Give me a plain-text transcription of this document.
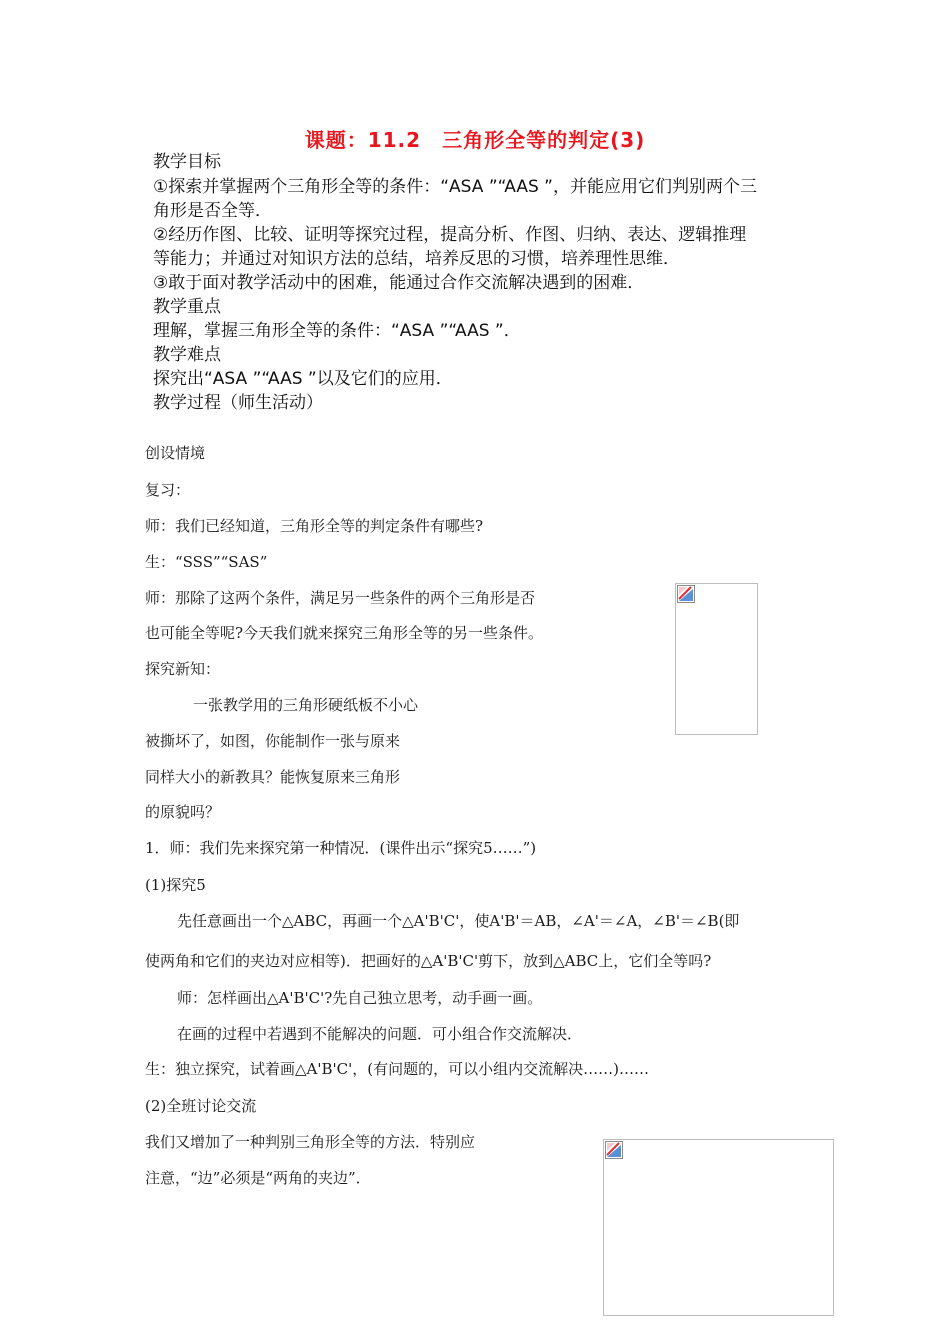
课题：11.2　三角形全等的判定(3)
教学目标
①探索并掌握两个三角形全等的条件：“ASA ”“AAS ”，并能应用它们判别两个三
角形是否全等．
②经历作图、比较、证明等探究过程，提高分析、作图、归纳、表达、逻辑推理
等能力；并通过对知识方法的总结，培养反思的习惯，培养理性思维．
③敢于面对教学活动中的困难，能通过合作交流解决遇到的困难．
教学重点
理解，掌握三角形全等的条件：“ASA ”“AAS ”．
教学难点
探究出“ASA ”“AAS ”以及它们的应用．
教学过程（师生活动）
创设情境
复习：
师：我们已经知道，三角形全等的判定条件有哪些?
生：“SSS”“SAS”
师：那除了这两个条件，满足另一些条件的两个三角形是否
也可能全等呢?今天我们就来探究三角形全等的另一些条件。
探究新知：
一张教学用的三角形硬纸板不小心
被撕坏了，如图，你能制作一张与原来
同样大小的新教具？能恢复原来三角形
的原貌吗？
1．师：我们先来探究第一种情况．(课件出示“探究5……”)
(1)探究5
先任意画出一个△ABC，再画一个△A'B'C'，使A'B'＝AB，∠A'＝∠A，∠B'＝∠B(即
使两角和它们的夹边对应相等)．把画好的△A'B'C'剪下，放到△ABC上，它们全等吗?
师：怎样画出△A'B'C'?先自己独立思考，动手画一画。
在画的过程中若遇到不能解决的问题．可小组合作交流解决．
生：独立探究，试着画△A'B'C'，(有问题的，可以小组内交流解决……)……
(2)全班讨论交流
我们又增加了一种判别三角形全等的方法．特别应
注意，“边”必须是“两角的夹边”．
